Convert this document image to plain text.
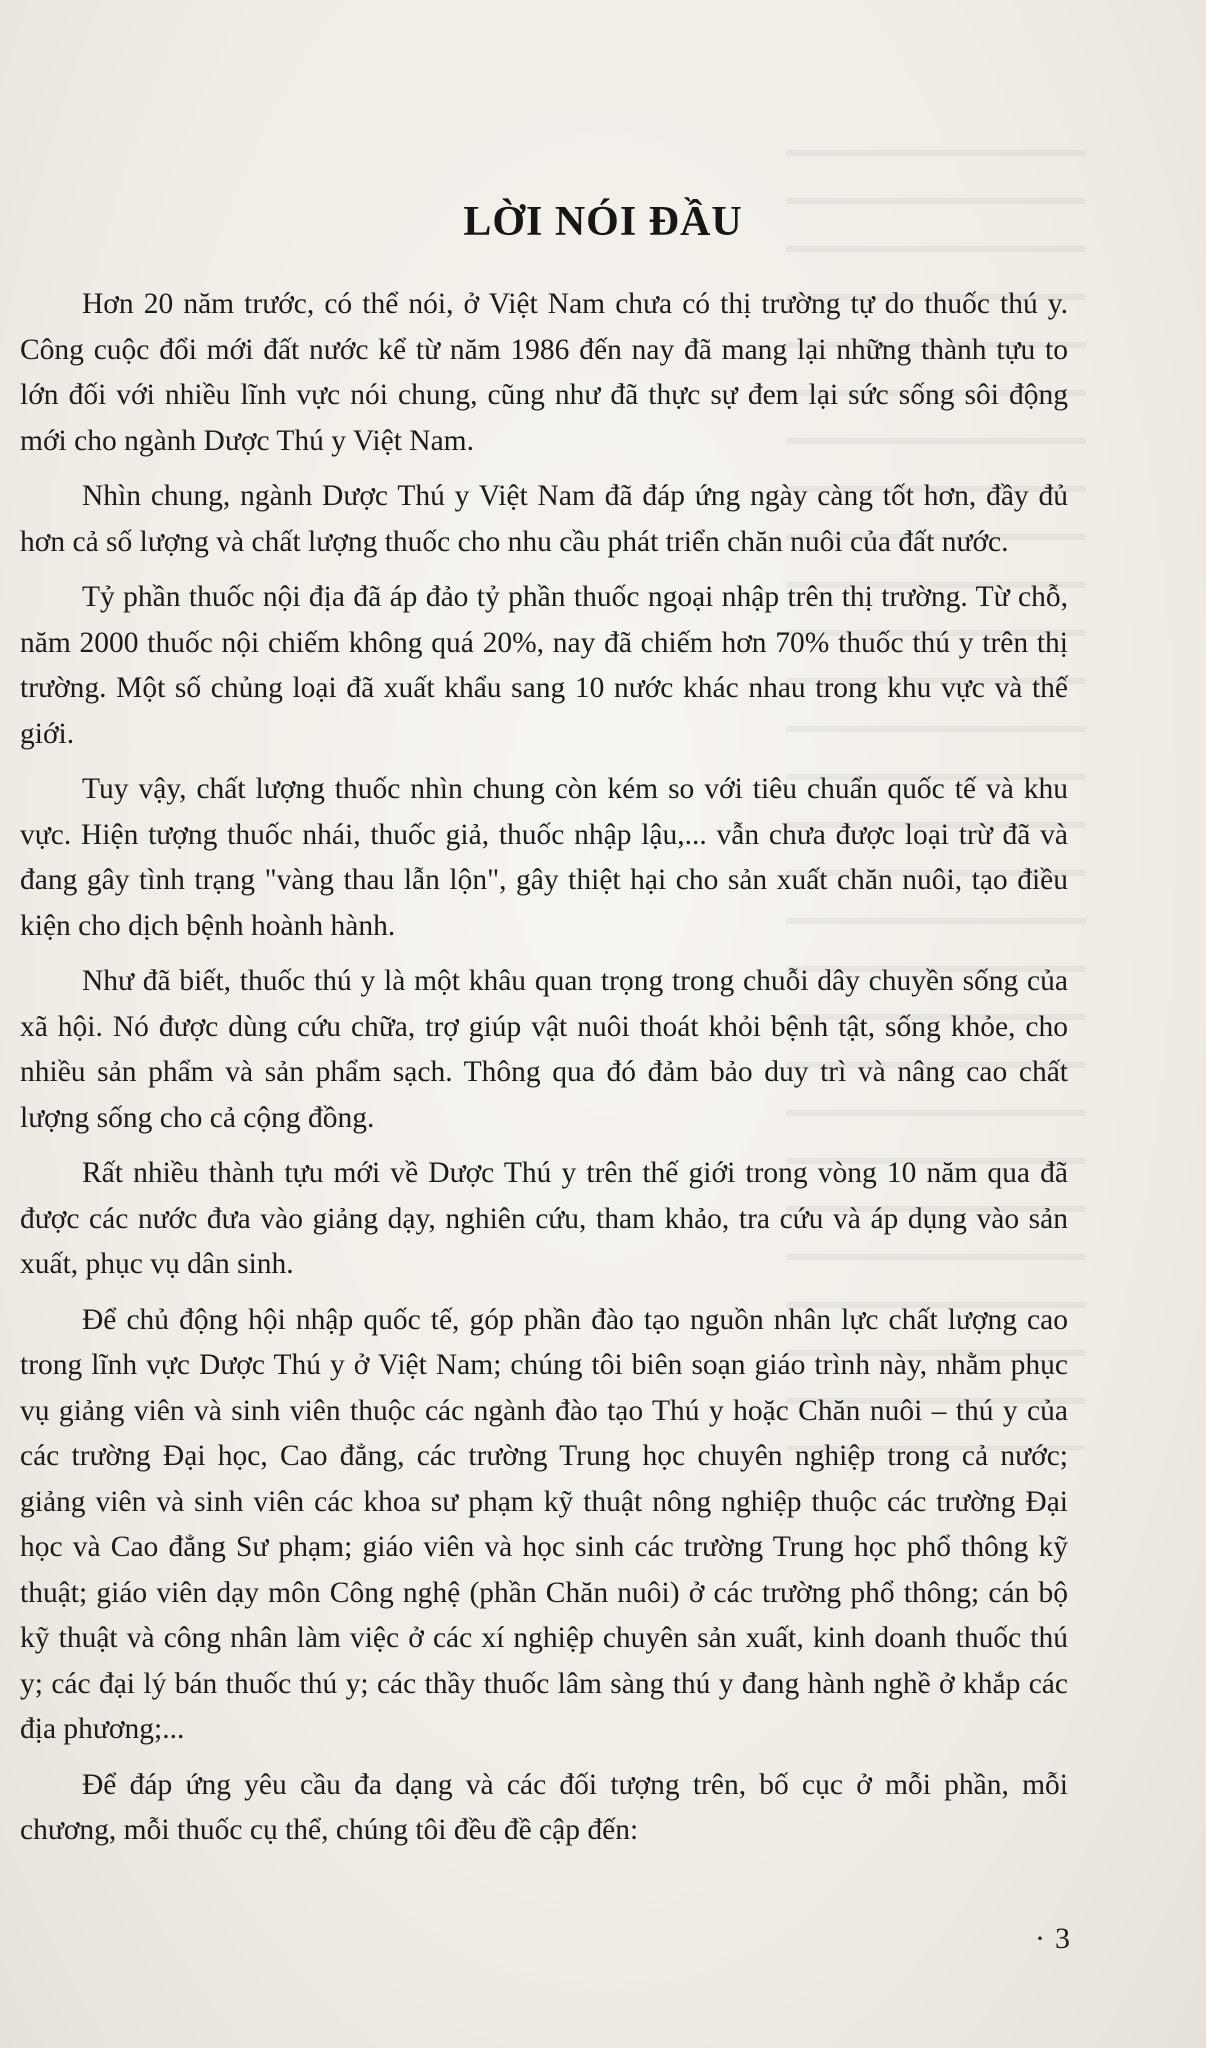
LỜI NÓI ĐẦU

Hơn 20 năm trước, có thể nói, ở Việt Nam chưa có thị trường tự do thuốc thú y. Công cuộc đổi mới đất nước kể từ năm 1986 đến nay đã mang lại những thành tựu to lớn đối với nhiều lĩnh vực nói chung, cũng như đã thực sự đem lại sức sống sôi động mới cho ngành Dược Thú y Việt Nam.

Nhìn chung, ngành Dược Thú y Việt Nam đã đáp ứng ngày càng tốt hơn, đầy đủ hơn cả số lượng và chất lượng thuốc cho nhu cầu phát triển chăn nuôi của đất nước.

Tỷ phần thuốc nội địa đã áp đảo tỷ phần thuốc ngoại nhập trên thị trường. Từ chỗ, năm 2000 thuốc nội chiếm không quá 20%, nay đã chiếm hơn 70% thuốc thú y trên thị trường. Một số chủng loại đã xuất khẩu sang 10 nước khác nhau trong khu vực và thế giới.

Tuy vậy, chất lượng thuốc nhìn chung còn kém so với tiêu chuẩn quốc tế và khu vực. Hiện tượng thuốc nhái, thuốc giả, thuốc nhập lậu,... vẫn chưa được loại trừ đã và đang gây tình trạng "vàng thau lẫn lộn", gây thiệt hại cho sản xuất chăn nuôi, tạo điều kiện cho dịch bệnh hoành hành.

Như đã biết, thuốc thú y là một khâu quan trọng trong chuỗi dây chuyền sống của xã hội. Nó được dùng cứu chữa, trợ giúp vật nuôi thoát khỏi bệnh tật, sống khỏe, cho nhiều sản phẩm và sản phẩm sạch. Thông qua đó đảm bảo duy trì và nâng cao chất lượng sống cho cả cộng đồng.

Rất nhiều thành tựu mới về Dược Thú y trên thế giới trong vòng 10 năm qua đã được các nước đưa vào giảng dạy, nghiên cứu, tham khảo, tra cứu và áp dụng vào sản xuất, phục vụ dân sinh.

Để chủ động hội nhập quốc tế, góp phần đào tạo nguồn nhân lực chất lượng cao trong lĩnh vực Dược Thú y ở Việt Nam; chúng tôi biên soạn giáo trình này, nhằm phục vụ giảng viên và sinh viên thuộc các ngành đào tạo Thú y hoặc Chăn nuôi – thú y của các trường Đại học, Cao đẳng, các trường Trung học chuyên nghiệp trong cả nước; giảng viên và sinh viên các khoa sư phạm kỹ thuật nông nghiệp thuộc các trường Đại học và Cao đẳng Sư phạm; giáo viên và học sinh các trường Trung học phổ thông kỹ thuật; giáo viên dạy môn Công nghệ (phần Chăn nuôi) ở các trường phổ thông; cán bộ kỹ thuật và công nhân làm việc ở các xí nghiệp chuyên sản xuất, kinh doanh thuốc thú y; các đại lý bán thuốc thú y; các thầy thuốc lâm sàng thú y đang hành nghề ở khắp các địa phương;...

Để đáp ứng yêu cầu đa dạng và các đối tượng trên, bố cục ở mỗi phần, mỗi chương, mỗi thuốc cụ thể, chúng tôi đều đề cập đến:

· 3
